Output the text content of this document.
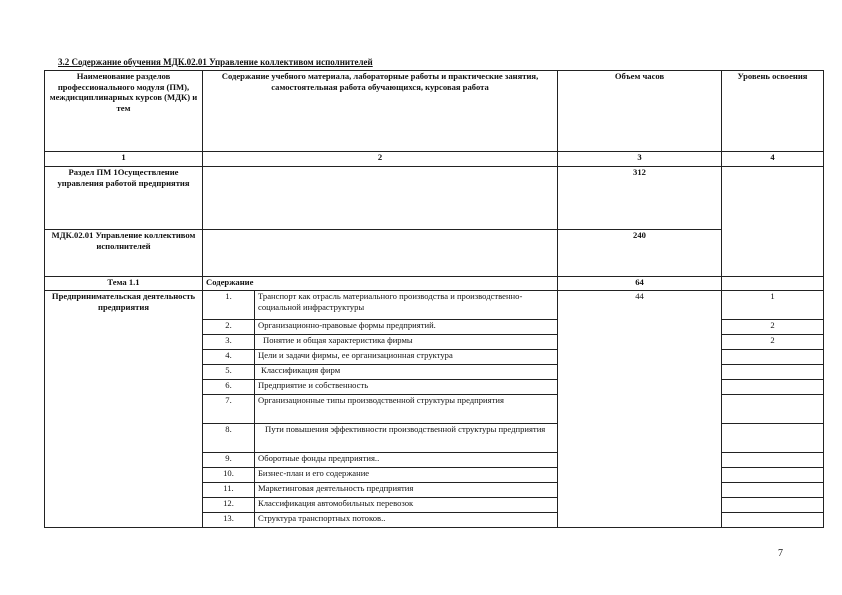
3.2 Содержание обучения МДК.02.01 Управление коллективом исполнителей
Наименование разделов профессионального модуля (ПМ), междисциплинарных курсов (МДК) и тем	Содержание учебного материала, лабораторные работы и практические занятия, самостоятельная работа обучающихся, курсовая работа		Объем часов	Уровень освоения
1	2		3	4
Раздел ПМ 1Осуществление управления работой предприятия			312	
МДК.02.01 Управление коллективом исполнителей			240	
Тема 1.1	Содержание		64	
Предпринимательская деятельность предприятия	1.	Транспорт как отрасль материального производства и производственно-социальной инфраструктуры	44	1
	2.	Организационно-правовые формы предприятий.		2
	3.	Понятие и общая характеристика фирмы		2
	4.	Цели и задачи фирмы, ее организационная структура		
	5.	Классификация фирм		
	6.	Предприятие и собственность		
	7.	Организационные типы производственной структуры предприятия		
	8.	Пути повышения эффективности производственной структуры предприятия		
	9.	Оборотные фонды предприятия..		
	10.	Бизнес-план и его содержание		
	11.	Маркетинговая деятельность предприятия		
	12.	Классификация автомобильных перевозок		
	13.	Структура транспортных потоков..		
7
